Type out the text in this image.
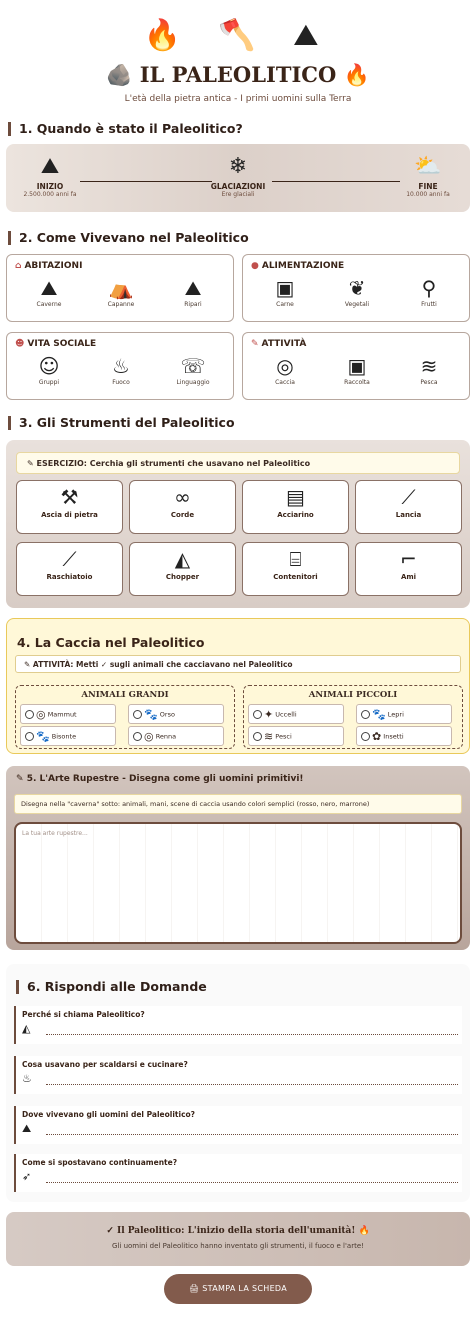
🔥 🪓 ⛰
🪨 IL PALEOLITICO 🔥
L'età della pietra antica - I primi uomini sulla Terra
1. Quando è stato il Paleolitico?
⛰
INIZIO
2.500.000 anni fa
❄
GLACIAZIONI
Ere glaciali
⛅
FINE
10.000 anni fa
2. Come Vivevano nel Paleolitico
⌂ ABITAZIONI
⛰
Caverne
⛺
Capanne
⛰
Ripari
● ALIMENTAZIONE
▣
Carne
❦
Vegetali
⚲
Frutti
☻ VITA SOCIALE
☺
Gruppi
♨
Fuoco
☏
Linguaggio
✎ ATTIVITÀ
◎
Caccia
▣
Raccolta
≋
Pesca
3. Gli Strumenti del Paleolitico
✎ ESERCIZIO: Cerchia gli strumenti che usavano nel Paleolitico
⚒
Ascia di pietra
∞
Corde
▤
Acciarino
⟋
Lancia
⟋
Raschiatoio
◭
Chopper
⌸
Contenitori
⌐
Ami
4. La Caccia nel Paleolitico
✎ ATTIVITÀ: Metti ✓ sugli animali che cacciavano nel Paleolitico
ANIMALI GRANDI
◎ Mammut	🐾 Orso
🐾 Bisonte	◎ Renna
ANIMALI PICCOLI
✦ Uccelli	🐾 Lepri
≋ Pesci	✿ Insetti
✎ 5. L'Arte Rupestre - Disegna come gli uomini primitivi!
Disegna nella "caverna" sotto: animali, mani, scene di caccia usando colori semplici (rosso, nero, marrone)
La tua arte rupestre...
6. Rispondi alle Domande
Perché si chiama Paleolitico?
◭
Cosa usavano per scaldarsi e cucinare?
♨
Dove vivevano gli uomini del Paleolitico?
⛰
Come si spostavano continuamente?
➶
✓ Il Paleolitico: L'inizio della storia dell'umanità! 🔥
Gli uomini del Paleolitico hanno inventato gli strumenti, il fuoco e l'arte!
🖨 STAMPA LA SCHEDA
